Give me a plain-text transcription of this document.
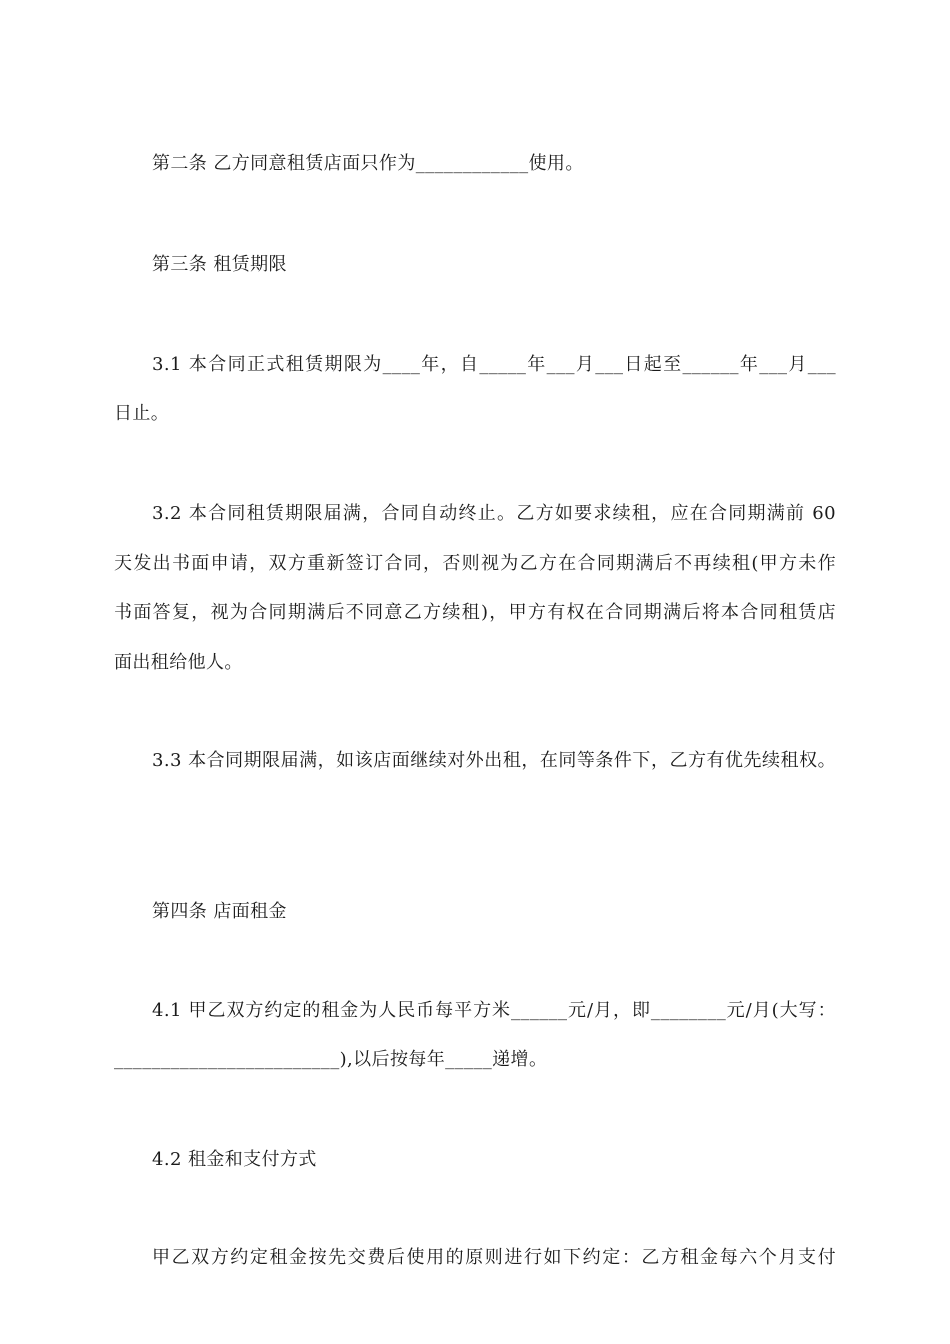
第二条 乙方同意租赁店面只作为____________使用。
第三条 租赁期限
3.1 本合同正式租赁期限为____年，自_____年___月___日起至______年___月___
日止。
3.2 本合同租赁期限届满，合同自动终止。乙方如要求续租，应在合同期满前 60
天发出书面申请，双方重新签订合同，否则视为乙方在合同期满后不再续租(甲方未作
书面答复，视为合同期满后不同意乙方续租)，甲方有权在合同期满后将本合同租赁店
面出租给他人。
3.3 本合同期限届满，如该店面继续对外出租，在同等条件下，乙方有优先续租权。
第四条 店面租金
4.1 甲乙双方约定的租金为人民币每平方米______元/月，即________元/月(大写：
________________________),以后按每年_____递增。
4.2 租金和支付方式
甲乙双方约定租金按先交费后使用的原则进行如下约定：乙方租金每六个月支付
